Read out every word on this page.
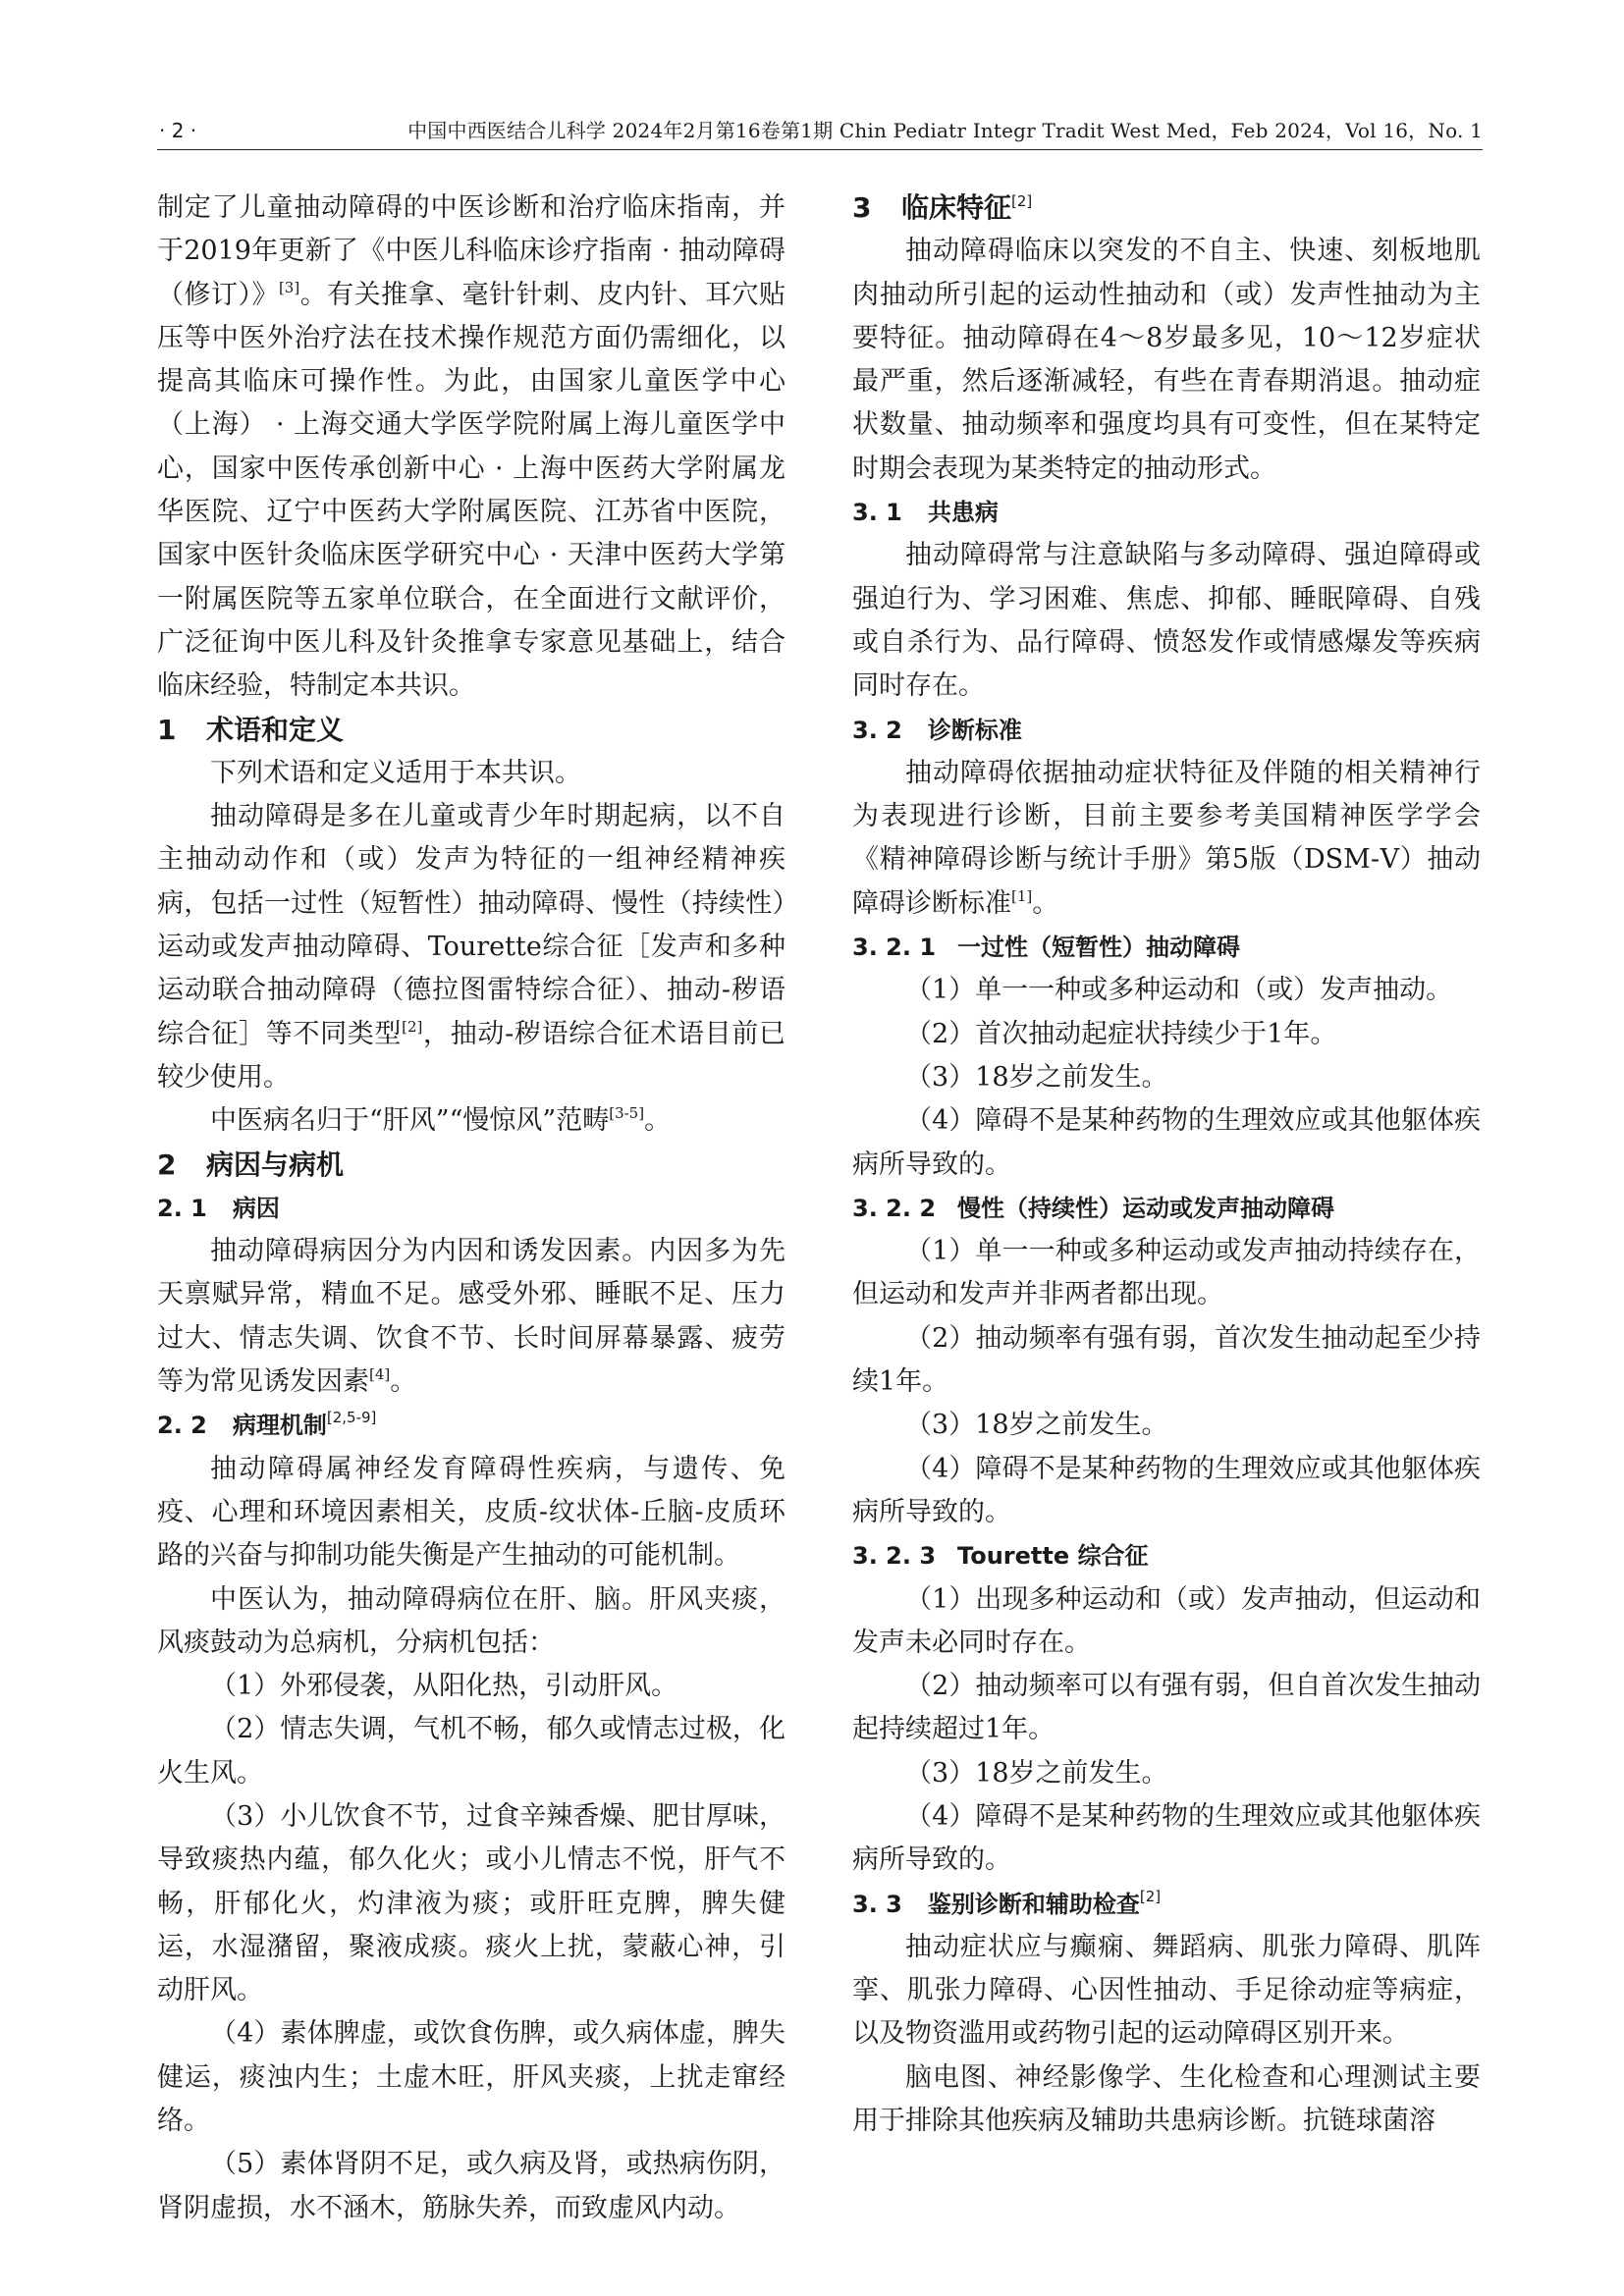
· 2 ·	中国中西医结合儿科学 2024年2月第16卷第1期 Chin Pediatr Integr Tradit West Med，Feb 2024，Vol 16，No. 1

制定了儿童抽动障碍的中医诊断和治疗临床指南，并于2019年更新了《中医儿科临床诊疗指南 · 抽动障碍（修订）》[3]。有关推拿、毫针针刺、皮内针、耳穴贴压等中医外治疗法在技术操作规范方面仍需细化，以提高其临床可操作性。为此，由国家儿童医学中心（上海） · 上海交通大学医学院附属上海儿童医学中心，国家中医传承创新中心 · 上海中医药大学附属龙华医院、辽宁中医药大学附属医院、江苏省中医院，国家中医针灸临床医学研究中心 · 天津中医药大学第一附属医院等五家单位联合，在全面进行文献评价，广泛征询中医儿科及针灸推拿专家意见基础上，结合临床经验，特制定本共识。

1 术语和定义

下列术语和定义适用于本共识。

抽动障碍是多在儿童或青少年时期起病，以不自主抽动动作和（或）发声为特征的一组神经精神疾病，包括一过性（短暂性）抽动障碍、慢性（持续性）运动或发声抽动障碍、Tourette综合征［发声和多种运动联合抽动障碍（德拉图雷特综合征）、抽动-秽语综合征］等不同类型[2]，抽动-秽语综合征术语目前已较少使用。

中医病名归于“肝风”“慢惊风”范畴[3-5]。

2 病因与病机

2. 1 病因

抽动障碍病因分为内因和诱发因素。内因多为先天禀赋异常，精血不足。感受外邪、睡眠不足、压力过大、情志失调、饮食不节、长时间屏幕暴露、疲劳等为常见诱发因素[4]。

2. 2 病理机制[2,5-9]

抽动障碍属神经发育障碍性疾病，与遗传、免疫、心理和环境因素相关，皮质-纹状体-丘脑-皮质环路的兴奋与抑制功能失衡是产生抽动的可能机制。

中医认为，抽动障碍病位在肝、脑。肝风夹痰，风痰鼓动为总病机，分病机包括：

（1）外邪侵袭，从阳化热，引动肝风。

（2）情志失调，气机不畅，郁久或情志过极，化火生风。

（3）小儿饮食不节，过食辛辣香燥、肥甘厚味，导致痰热内蕴，郁久化火；或小儿情志不悦，肝气不畅，肝郁化火，灼津液为痰；或肝旺克脾，脾失健运，水湿潴留，聚液成痰。痰火上扰，蒙蔽心神，引动肝风。

（4）素体脾虚，或饮食伤脾，或久病体虚，脾失健运，痰浊内生；土虚木旺，肝风夹痰，上扰走窜经络。

（5）素体肾阴不足，或久病及肾，或热病伤阴，肾阴虚损，水不涵木，筋脉失养，而致虚风内动。

3 临床特征[2]

抽动障碍临床以突发的不自主、快速、刻板地肌肉抽动所引起的运动性抽动和（或）发声性抽动为主要特征。抽动障碍在4～8岁最多见，10～12岁症状最严重，然后逐渐减轻，有些在青春期消退。抽动症状数量、抽动频率和强度均具有可变性，但在某特定时期会表现为某类特定的抽动形式。

3. 1 共患病

抽动障碍常与注意缺陷与多动障碍、强迫障碍或强迫行为、学习困难、焦虑、抑郁、睡眠障碍、自残或自杀行为、品行障碍、愤怒发作或情感爆发等疾病同时存在。

3. 2 诊断标准

抽动障碍依据抽动症状特征及伴随的相关精神行为表现进行诊断，目前主要参考美国精神医学学会《精神障碍诊断与统计手册》第5版（DSM-Ⅴ）抽动障碍诊断标准[1]。

3. 2. 1 一过性（短暂性）抽动障碍

（1）单一一种或多种运动和（或）发声抽动。

（2）首次抽动起症状持续少于1年。

（3）18岁之前发生。

（4）障碍不是某种药物的生理效应或其他躯体疾病所导致的。

3. 2. 2 慢性（持续性）运动或发声抽动障碍

（1）单一一种或多种运动或发声抽动持续存在，但运动和发声并非两者都出现。

（2）抽动频率有强有弱，首次发生抽动起至少持续1年。

（3）18岁之前发生。

（4）障碍不是某种药物的生理效应或其他躯体疾病所导致的。

3. 2. 3 Tourette 综合征

（1）出现多种运动和（或）发声抽动，但运动和发声未必同时存在。

（2）抽动频率可以有强有弱，但自首次发生抽动起持续超过1年。

（3）18岁之前发生。

（4）障碍不是某种药物的生理效应或其他躯体疾病所导致的。

3. 3 鉴别诊断和辅助检查[2]

抽动症状应与癫痫、舞蹈病、肌张力障碍、肌阵挛、肌张力障碍、心因性抽动、手足徐动症等病症，以及物资滥用或药物引起的运动障碍区别开来。

脑电图、神经影像学、生化检查和心理测试主要用于排除其他疾病及辅助共患病诊断。抗链球菌溶
